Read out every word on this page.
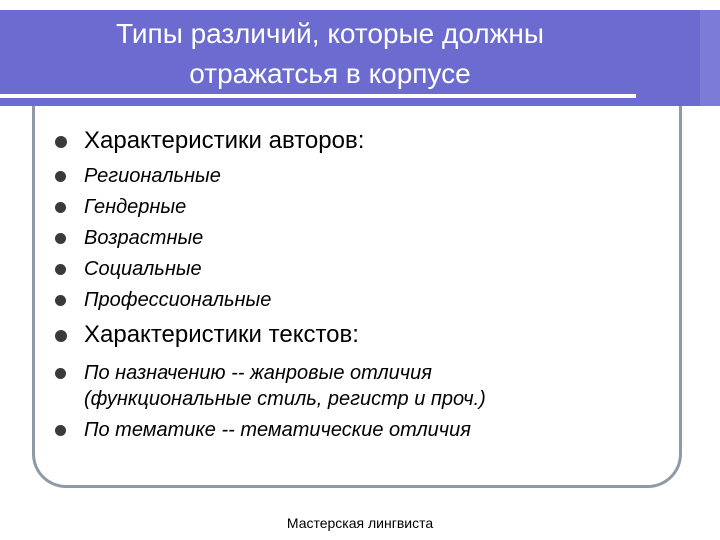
Типы различий, которые должны
отражатсья в корпусе
Характеристики авторов:
Региональные
Гендерные
Возрастные
Социальные
Профессиональные
Характеристики текстов:
По назначению -- жанровые отличия (функциональные стиль, регистр и проч.)
По тематике -- тематические отличия
Мастерская лингвиста
